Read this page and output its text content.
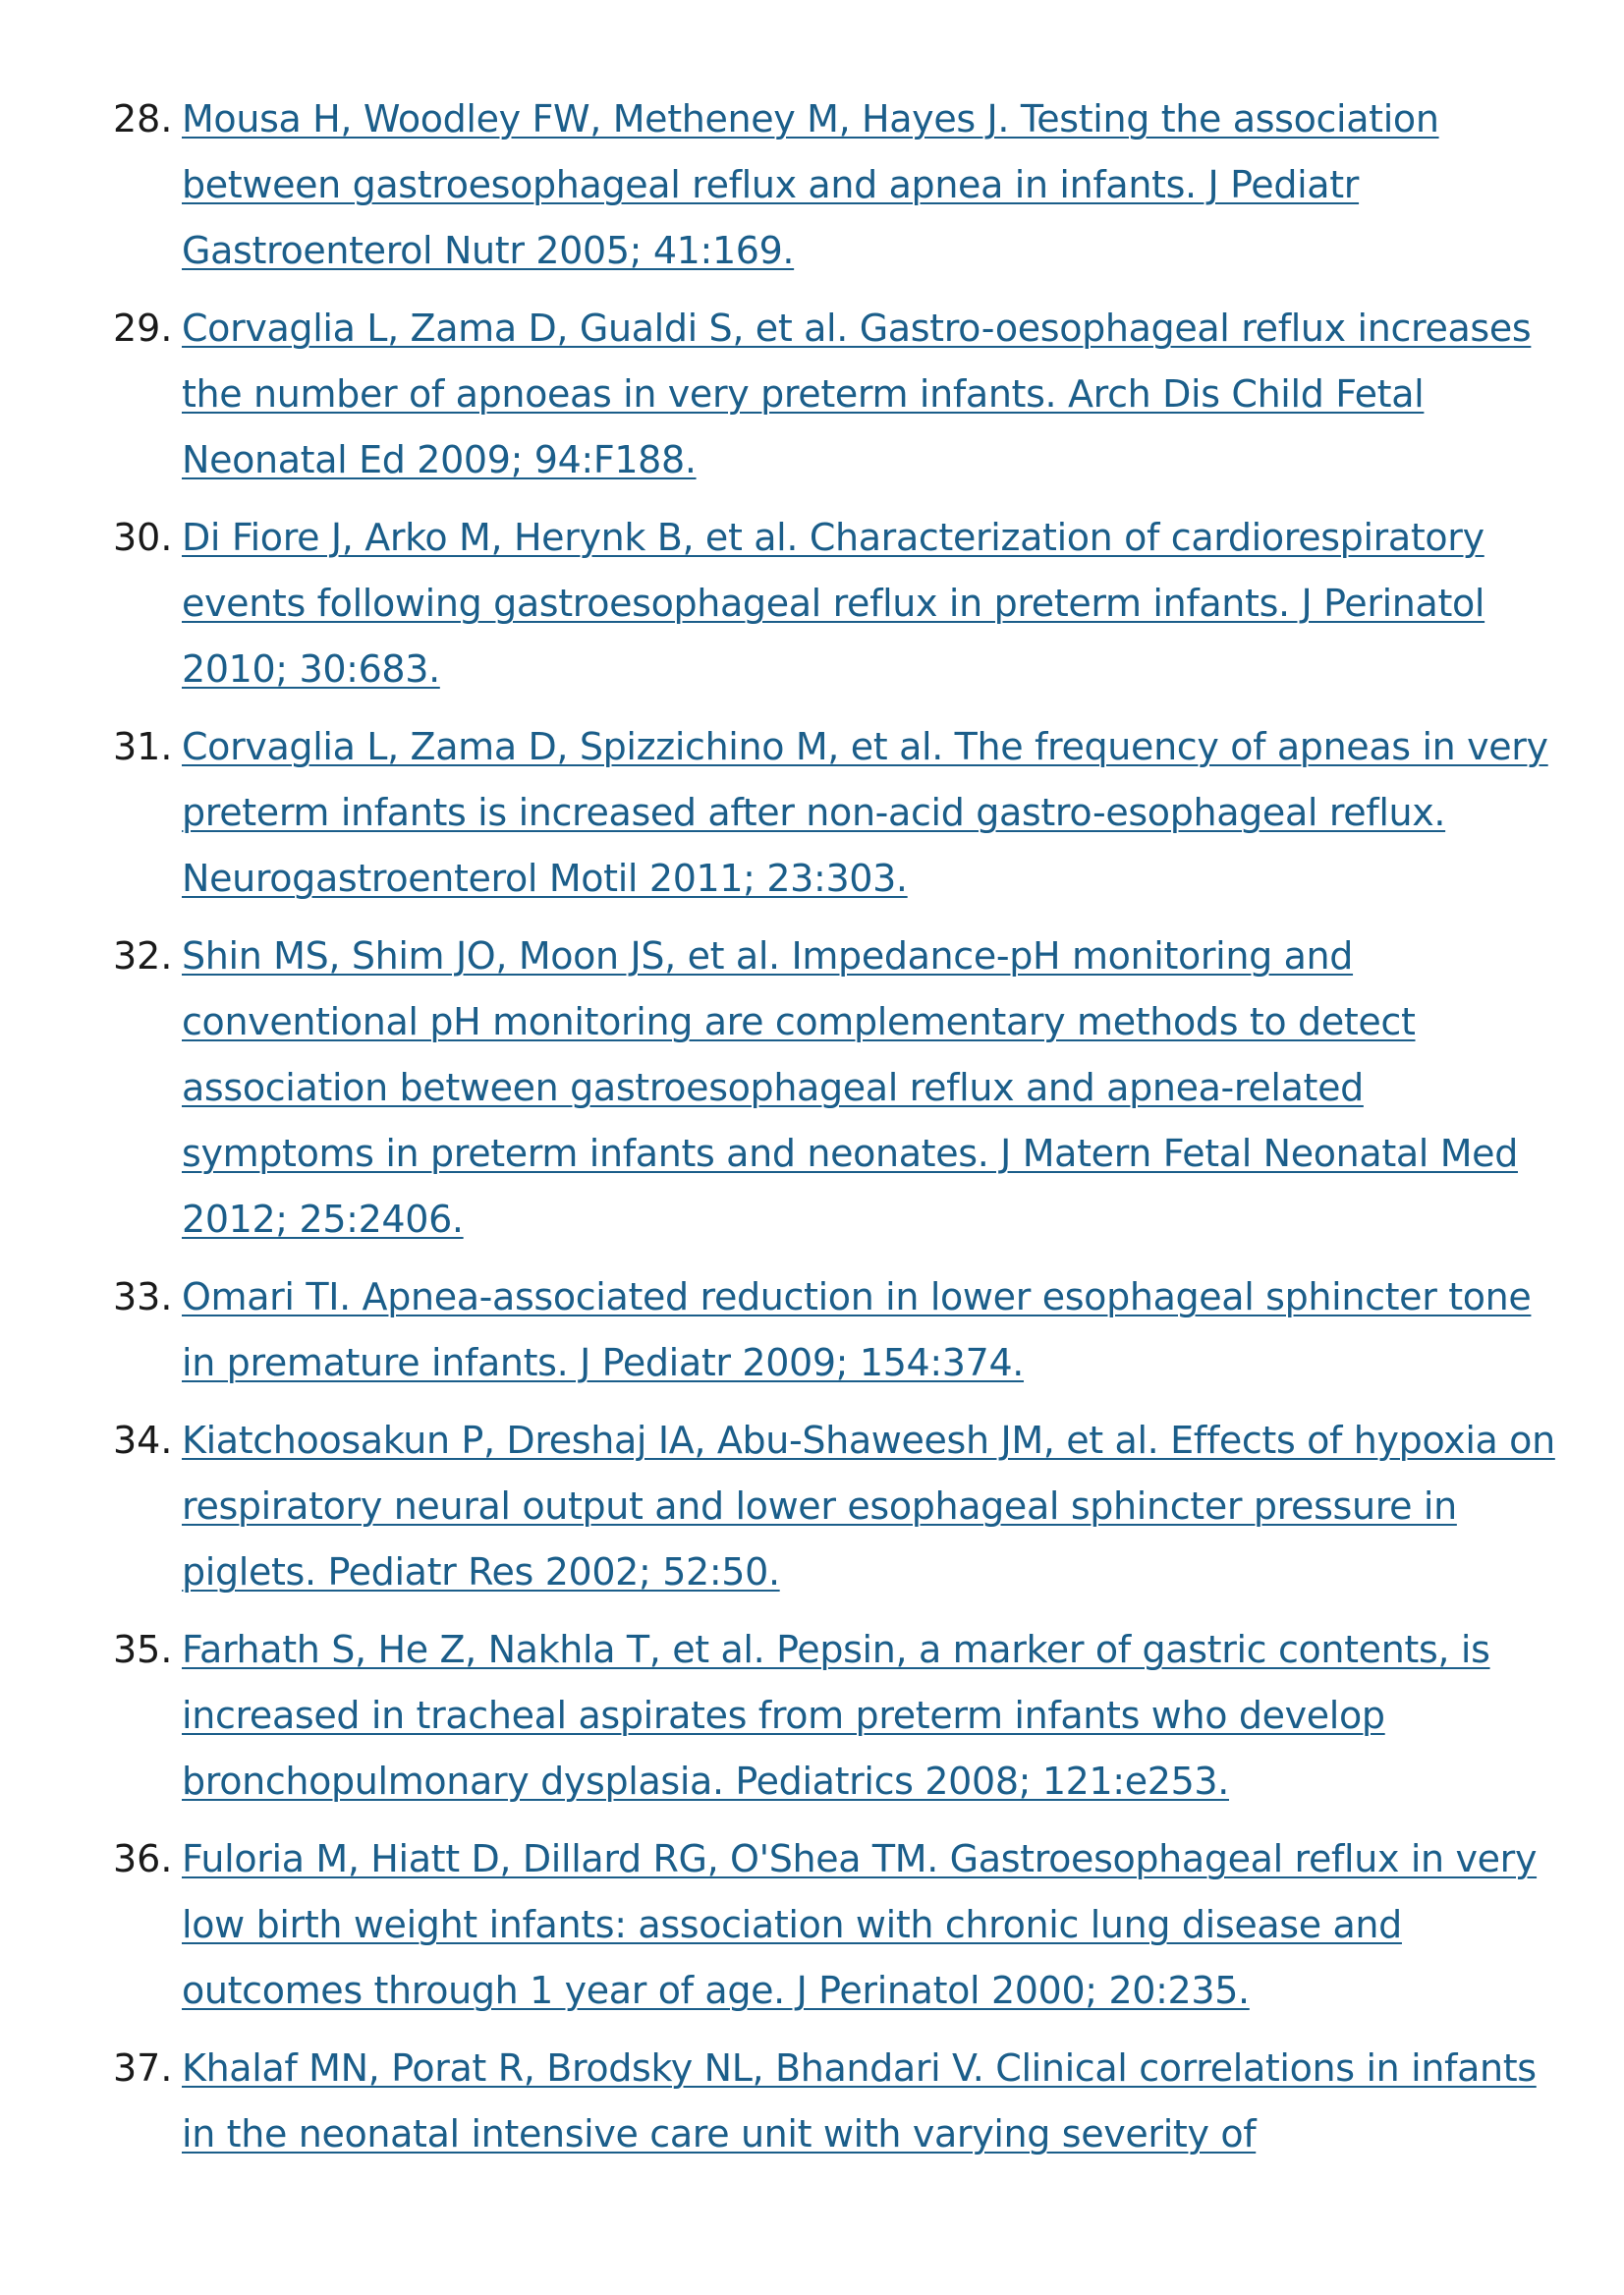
28. Mousa H, Woodley FW, Metheney M, Hayes J. Testing the association between gastroesophageal reflux and apnea in infants. J Pediatr Gastroenterol Nutr 2005; 41:169.
29. Corvaglia L, Zama D, Gualdi S, et al. Gastro-oesophageal reflux increases the number of apnoeas in very preterm infants. Arch Dis Child Fetal Neonatal Ed 2009; 94:F188.
30. Di Fiore J, Arko M, Herynk B, et al. Characterization of cardiorespiratory events following gastroesophageal reflux in preterm infants. J Perinatol 2010; 30:683.
31. Corvaglia L, Zama D, Spizzichino M, et al. The frequency of apneas in very preterm infants is increased after non-acid gastro-esophageal reflux. Neurogastroenterol Motil 2011; 23:303.
32. Shin MS, Shim JO, Moon JS, et al. Impedance-pH monitoring and conventional pH monitoring are complementary methods to detect association between gastroesophageal reflux and apnea-related symptoms in preterm infants and neonates. J Matern Fetal Neonatal Med 2012; 25:2406.
33. Omari TI. Apnea-associated reduction in lower esophageal sphincter tone in premature infants. J Pediatr 2009; 154:374.
34. Kiatchoosakun P, Dreshaj IA, Abu-Shaweesh JM, et al. Effects of hypoxia on respiratory neural output and lower esophageal sphincter pressure in piglets. Pediatr Res 2002; 52:50.
35. Farhath S, He Z, Nakhla T, et al. Pepsin, a marker of gastric contents, is increased in tracheal aspirates from preterm infants who develop bronchopulmonary dysplasia. Pediatrics 2008; 121:e253.
36. Fuloria M, Hiatt D, Dillard RG, O'Shea TM. Gastroesophageal reflux in very low birth weight infants: association with chronic lung disease and outcomes through 1 year of age. J Perinatol 2000; 20:235.
37. Khalaf MN, Porat R, Brodsky NL, Bhandari V. Clinical correlations in infants in the neonatal intensive care unit with varying severity of
